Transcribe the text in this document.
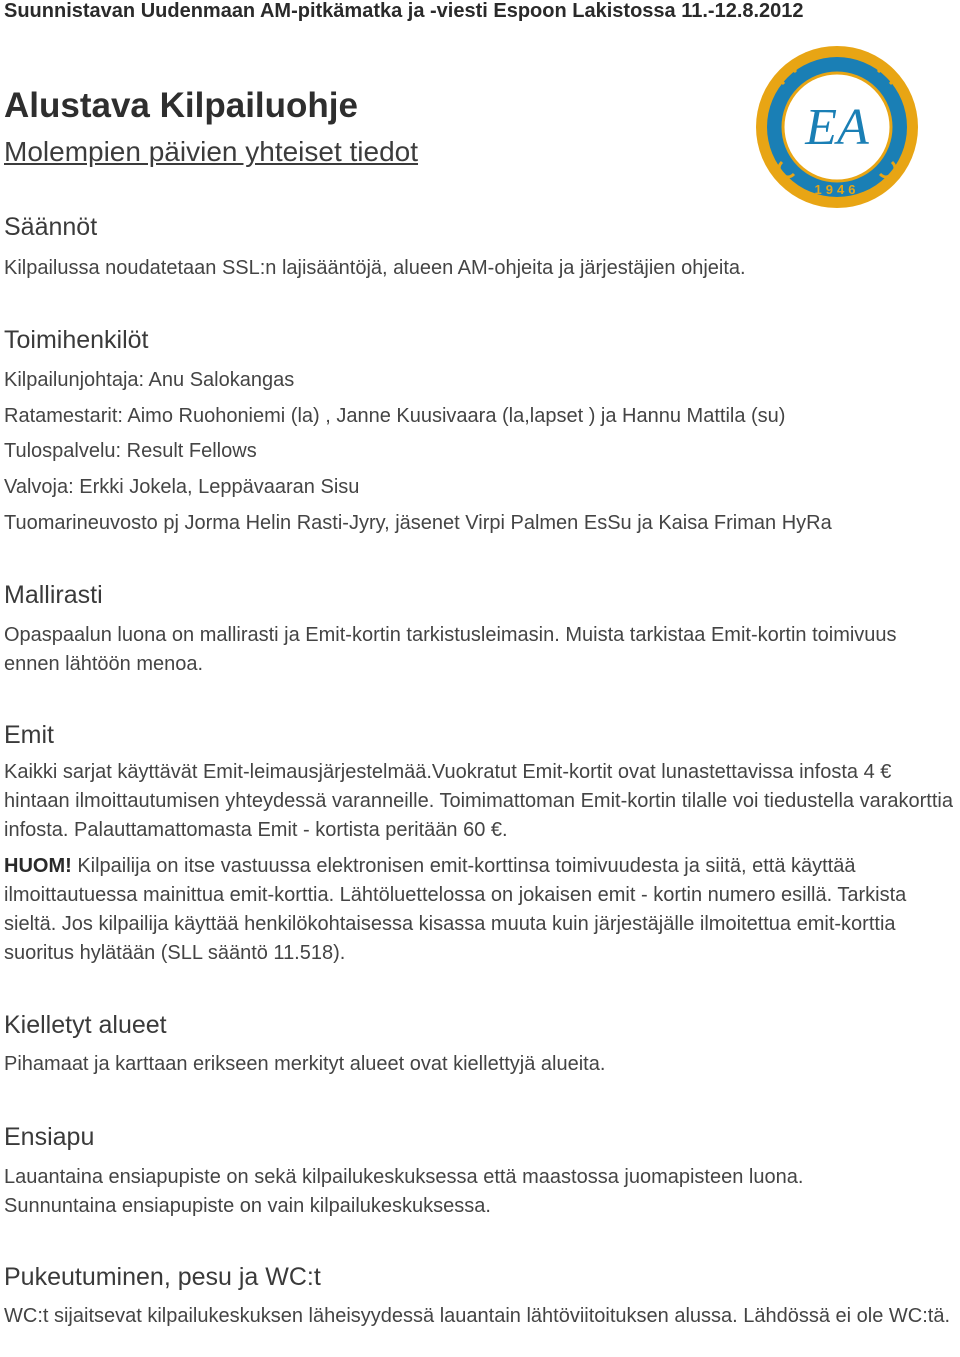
Suunnistavan Uudenmaan AM-pitkämatka ja -viesti Espoon Lakistossa 11.-12.8.2012
Alustava Kilpailuohje
Molempien päivien yhteiset tiedot	EA
1946
Säännöt
Kilpailussa noudatetaan SSL:n lajisääntöjä, alueen AM-ohjeita ja järjestäjien ohjeita.
Toimihenkilöt
Kilpailunjohtaja: Anu Salokangas
Ratamestarit: Aimo Ruohoniemi (la) , Janne Kuusivaara (la,lapset ) ja Hannu Mattila (su)
Tulospalvelu: Result Fellows
Valvoja: Erkki Jokela, Leppävaaran Sisu
Tuomarineuvosto pj Jorma Helin Rasti-Jyry, jäsenet Virpi Palmen EsSu ja Kaisa Friman HyRa
Mallirasti
Opaspaalun luona on mallirasti ja Emit-kortin tarkistusleimasin. Muista tarkistaa Emit-kortin toimivuus ennen lähtöön menoa.
Emit
Kaikki sarjat käyttävät Emit-leimausjärjestelmää.Vuokratut Emit-kortit ovat lunastettavissa infosta 4 € hintaan ilmoittautumisen yhteydessä varanneille. Toimimattoman Emit-kortin tilalle voi tiedustella varakorttia infosta. Palauttamattomasta Emit - kortista peritään 60 €.
HUOM! Kilpailija on itse vastuussa elektronisen emit-korttinsa toimivuudesta ja siitä, että käyttää ilmoittautuessa mainittua emit-korttia. Lähtöluettelossa on jokaisen emit - kortin numero esillä. Tarkista sieltä. Jos kilpailija käyttää henkilökohtaisessa kisassa muuta kuin järjestäjälle ilmoitettua emit-korttia suoritus hylätään (SLL sääntö 11.518).
Kielletyt alueet
Pihamaat ja karttaan erikseen merkityt alueet ovat kiellettyjä alueita.
Ensiapu
Lauantaina ensiapupiste on sekä kilpailukeskuksessa että maastossa juomapisteen luona. Sunnuntaina ensiapupiste on vain kilpailukeskuksessa.
Pukeutuminen, pesu ja WC:t
WC:t sijaitsevat kilpailukeskuksen läheisyydessä lauantain lähtöviitoituksen alussa. Lähdössä ei ole WC:tä.
